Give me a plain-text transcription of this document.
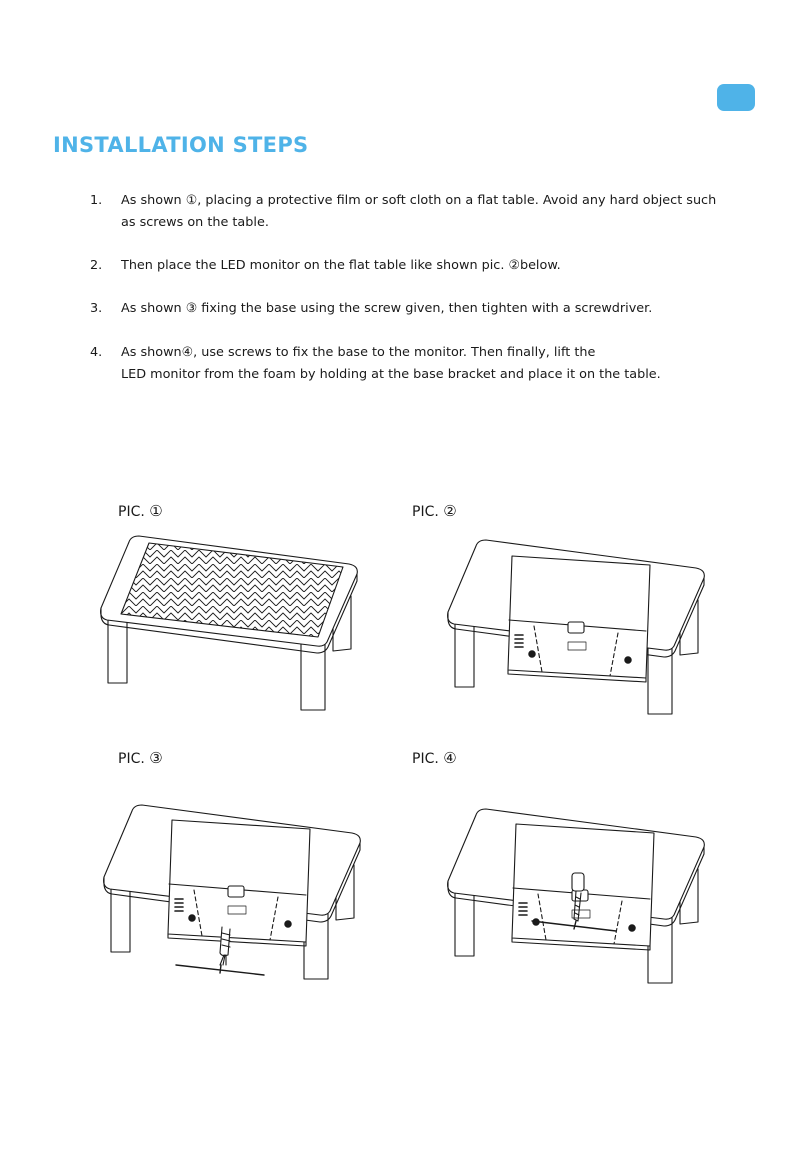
INSTALLATION STEPS
1. As shown ①, placing a protective film or soft cloth on a flat table. Avoid any hard object such
as screws on the table.
2. Then place the LED monitor on the flat table like shown pic. ②below.
3. As shown ③ fixing the base using the screw given, then tighten with a screwdriver.
4. As shown④, use screws to fix the base to the monitor. Then finally, lift the
LED monitor from the foam by holding at the base bracket and place it on the table.
PIC. ①	PIC. ②
PIC. ③	PIC. ④
